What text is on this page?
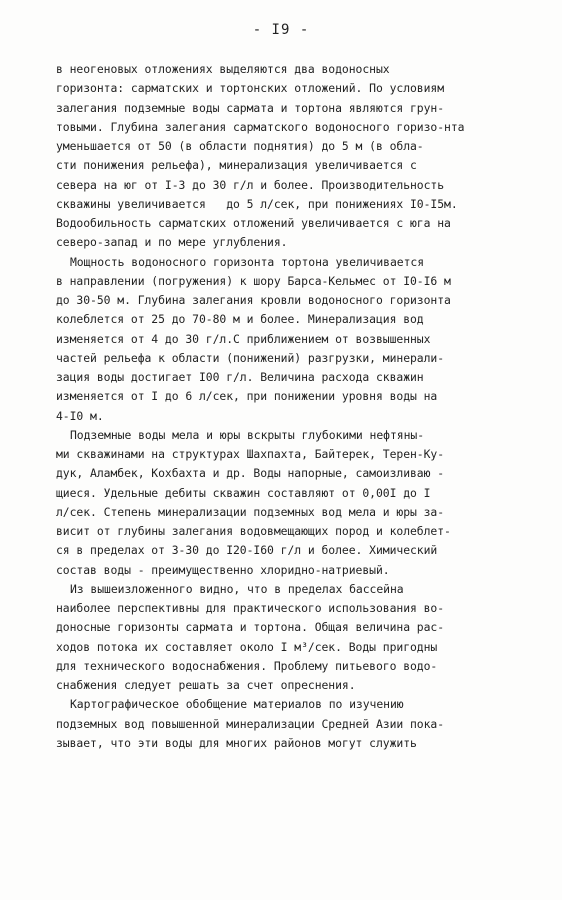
- I9 -
в неогеновых отложениях выделяются два водоносных
горизонта: сарматских и тортонских отложений. По условиям
залегания подземные воды сармата и тортона являются грун-
товыми. Глубина залегания сарматского водоносного горизо-нта
уменьшается от 50 (в области поднятия) до 5 м (в обла-
сти понижения рельефа), минерализация увеличивается с
севера на юг от I-3 до 30 г/л и более. Производительность
скважины увеличивается   до 5 л/сек, при понижениях I0-I5м.
Водообильность сарматских отложений увеличивается с юга на
северо-запад и по мере углубления.
Мощность водоносного горизонта тортона увеличивается
в направлении (погружения) к шору Барса-Кельмес от I0-I6 м
до 30-50 м. Глубина залегания кровли водоносного горизонта
колеблется от 25 до 70-80 м и более. Минерализация вод
изменяется от 4 до 30 г/л.С приближением от возвышенных
частей рельефа к области (понижений) разгрузки, минерали-
зация воды достигает I00 г/л. Величина расхода скважин
изменяется от I до 6 л/сек, при понижении уровня воды на
4-I0 м.
Подземные воды мела и юры вскрыты глубокими нефтяны-
ми скважинами на структурах Шахпахта, Байтерек, Терен-Ку-
дук, Аламбек, Кохбахта и др. Воды напорные, самоизливаю -
щиеся. Удельные дебиты скважин составляют от 0,00I до I
л/сек. Степень минерализации подземных вод мела и юры за-
висит от глубины залегания водовмещающих пород и колеблет-
ся в пределах от 3-30 до I20-I60 г/л и более. Химический
состав воды - преимущественно хлоридно-натриевый.
Из вышеизложенного видно, что в пределах бассейна
наиболее перспективны для практического использования во-
доносные горизонты сармата и тортона. Общая величина рас-
ходов потока их составляет около I м³/сек. Воды пригодны
для технического водоснабжения. Проблему питьевого водо-
снабжения следует решать за счет опреснения.
Картографическое обобщение материалов по изучению
подземных вод повышенной минерализации Средней Азии пока-
зывает, что эти воды для многих районов могут служить
